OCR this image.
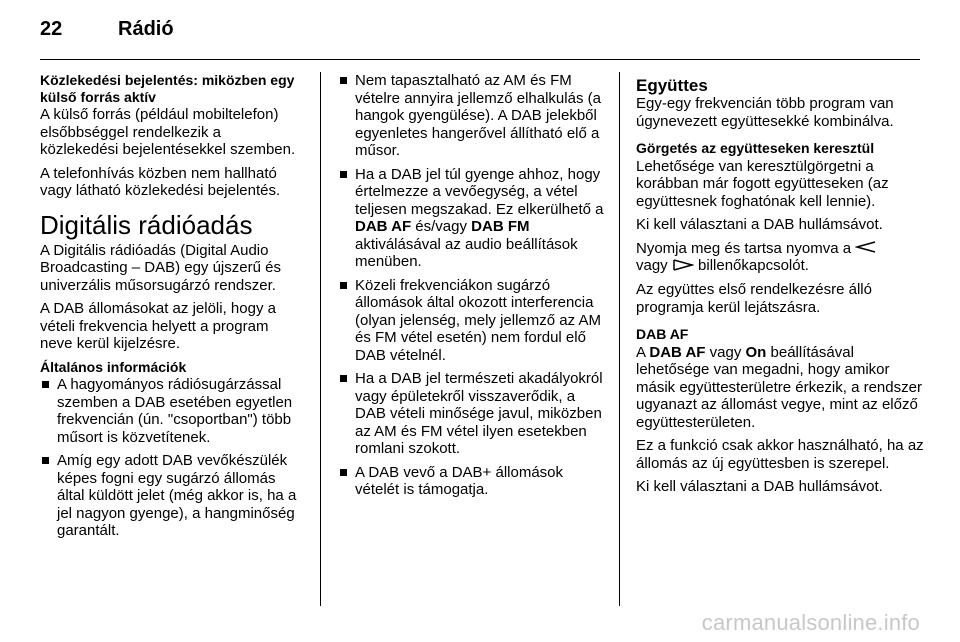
22	Rádió
Közlekedési bejelentés: miközben egy külső forrás aktív

A külső forrás (például mobiltelefon) elsőbbséggel rendelkezik a közlekedési bejelentésekkel szemben.

A telefonhívás közben nem hallható vagy látható közlekedési bejelentés.

Digitális rádióadás

A Digitális rádióadás (Digital Audio Broadcasting – DAB) egy újszerű és univerzális műsorsugárzó rendszer.

A DAB állomásokat az jelöli, hogy a vételi frekvencia helyett a program neve kerül kijelzésre.

Általános információk
A hagyományos rádiósugárzással szemben a DAB esetében egyetlen frekvencián (ún. "csoportban") több műsort is közvetítenek.
Amíg egy adott DAB vevőkészülék képes fogni egy sugárzó állomás által küldött jelet (még akkor is, ha a jel nagyon gyenge), a hangminőség garantált.
Nem tapasztalható az AM és FM vételre annyira jellemző elhalkulás (a hangok gyengülése). A DAB jelekből egyenletes hangerővel állítható elő a műsor.
Ha a DAB jel túl gyenge ahhoz, hogy értelmezze a vevőegység, a vétel teljesen megszakad. Ez elkerülhető a DAB AF és/vagy DAB FM aktiválásával az audio beállítások menüben.
Közeli frekvenciákon sugárzó állomások által okozott interferencia (olyan jelenség, mely jellemző az AM és FM vétel esetén) nem fordul elő DAB vételnél.
Ha a DAB jel természeti akadályokról vagy épületekről visszaverődik, a DAB vételi minősége javul, miközben az AM és FM vétel ilyen esetekben romlani szokott.
A DAB vevő a DAB+ állomások vételét is támogatja.
Együttes

Egy-egy frekvencián több program van úgynevezett együttesekké kombinálva.

Görgetés az együtteseken keresztül

Lehetősége van keresztülgörgetni a korábban már fogott együtteseken (az együttesnek foghatónak kell lennie).

Ki kell választani a DAB hullámsávot.

Nyomja meg és tartsa nyomva a
vagy billenőkapcsolót.

Az együttes első rendelkezésre álló programja kerül lejátszásra.

DAB AF

A DAB AF vagy On beállításával lehetősége van megadni, hogy amikor másik együttesterületre érkezik, a rendszer ugyanazt az állomást vegye, mint az előző együttesterületen.

Ez a funkció csak akkor használható, ha az állomás az új együttesben is szerepel.

Ki kell választani a DAB hullámsávot.

carmanualsonline.info
